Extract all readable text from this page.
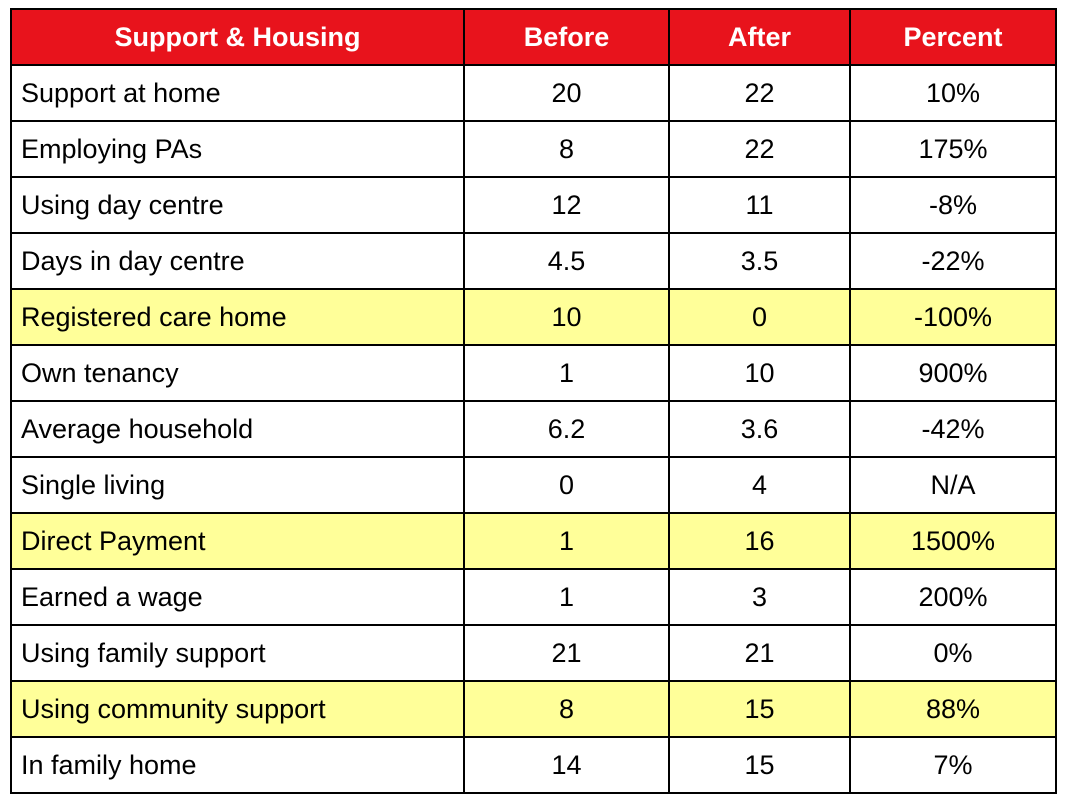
Support & Housing	Before	After	Percent
Support at home	20	22	10%
Employing PAs	8	22	175%
Using day centre	12	11	-8%
Days in day centre	4.5	3.5	-22%
Registered care home	10	0	-100%
Own tenancy	1	10	900%
Average household	6.2	3.6	-42%
Single living	0	4	N/A
Direct Payment	1	16	1500%
Earned a wage	1	3	200%
Using family support	21	21	0%
Using community support	8	15	88%
In family home	14	15	7%
